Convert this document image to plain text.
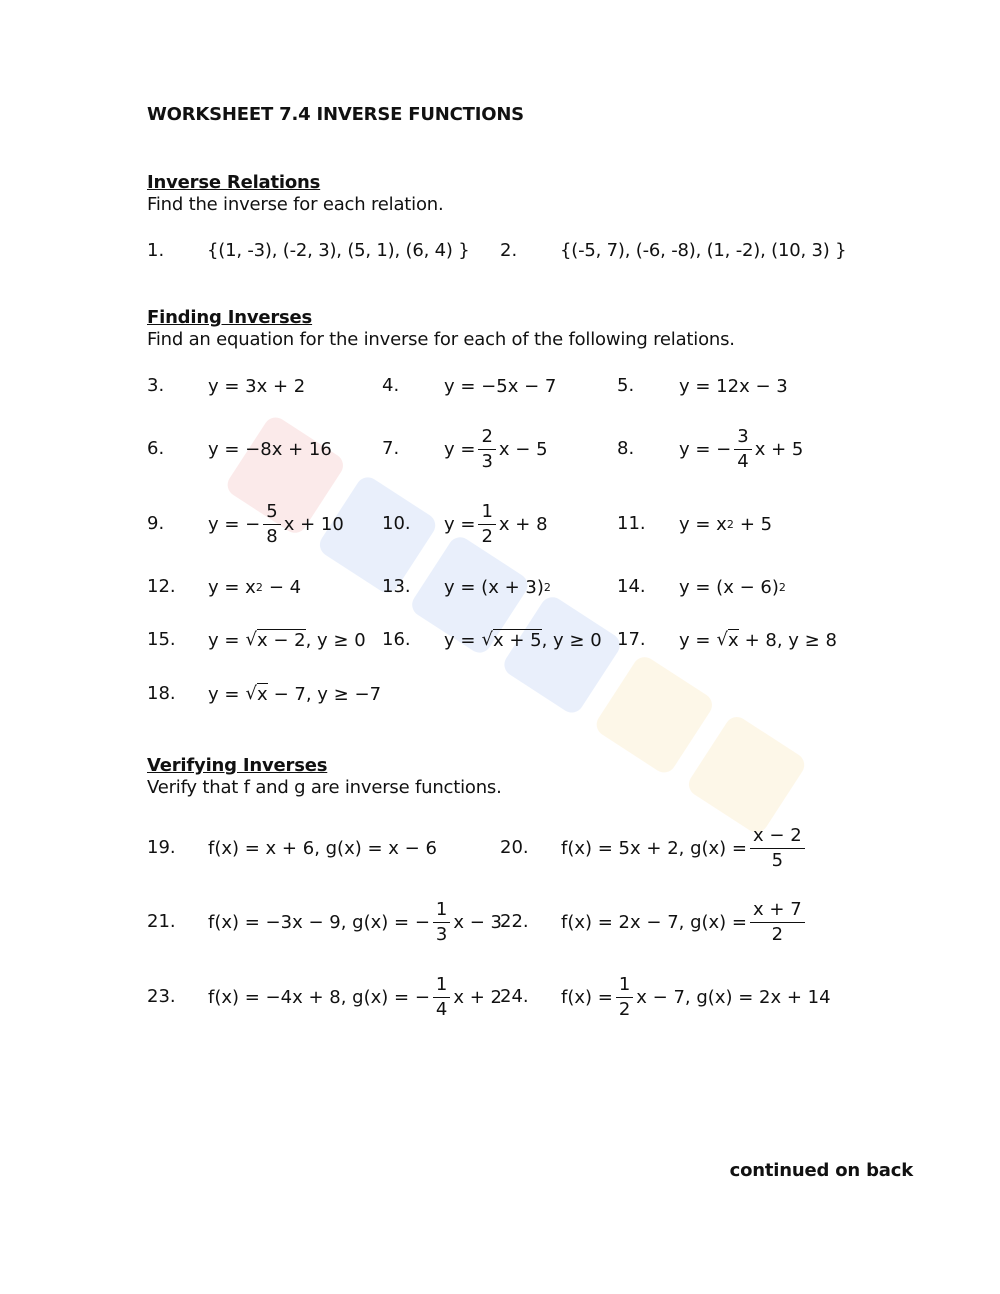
WORKSHEET 7.4 INVERSE FUNCTIONS
Inverse Relations
Find the inverse for each relation.
1. {(1, -3), (-2, 3), (5, 1), (6, 4) } 2. {(-5, 7), (-6, -8), (1, -2), (10, 3) }
Finding Inverses
Find an equation for the inverse for each of the following relations.
3. y = 3x + 2	4. y = −5x − 7	5. y = 12x − 3
6. y = −8x + 16	7. $y = \frac{2}{3}$ x − 5	8. y = − $\frac{3}{4}$ x + 5
9. y = − $\frac{5}{8}$ x + 10 10. $y = \frac{1}{2}$ x + 8	11. y = x 2 + 5
12. y = x 2 − 4	13. y = (x + 3) 2	14. y = (x − 6) 2
15. y = √ x − 2 , y ≥ 0 16. y = √ x + 5 , y ≥ 0 17. y = √ x + 8, y ≥ 8
18. y = √ x − 7, y ≥ −7
Verifying Inverses
Verify that f and g are inverse functions.
19. f(x) = x + 6, g(x) = x − 6	20. f(x) = 5x + 2, $g(x) = \frac{x - 2}{5}$
21. f(x) = −3x − 9, g(x) = − $\frac{1}{3}$ x − 3
22. f(x) = 2x − 7, $g(x) = \frac{x + 7}{2}$
23. f(x) = −4x + 8, g(x) = − $\frac{1}{4}$ x + 2
24. $f(x) = \frac{1}{2}$ x − 7, g(x) = 2x + 14
continued on back
